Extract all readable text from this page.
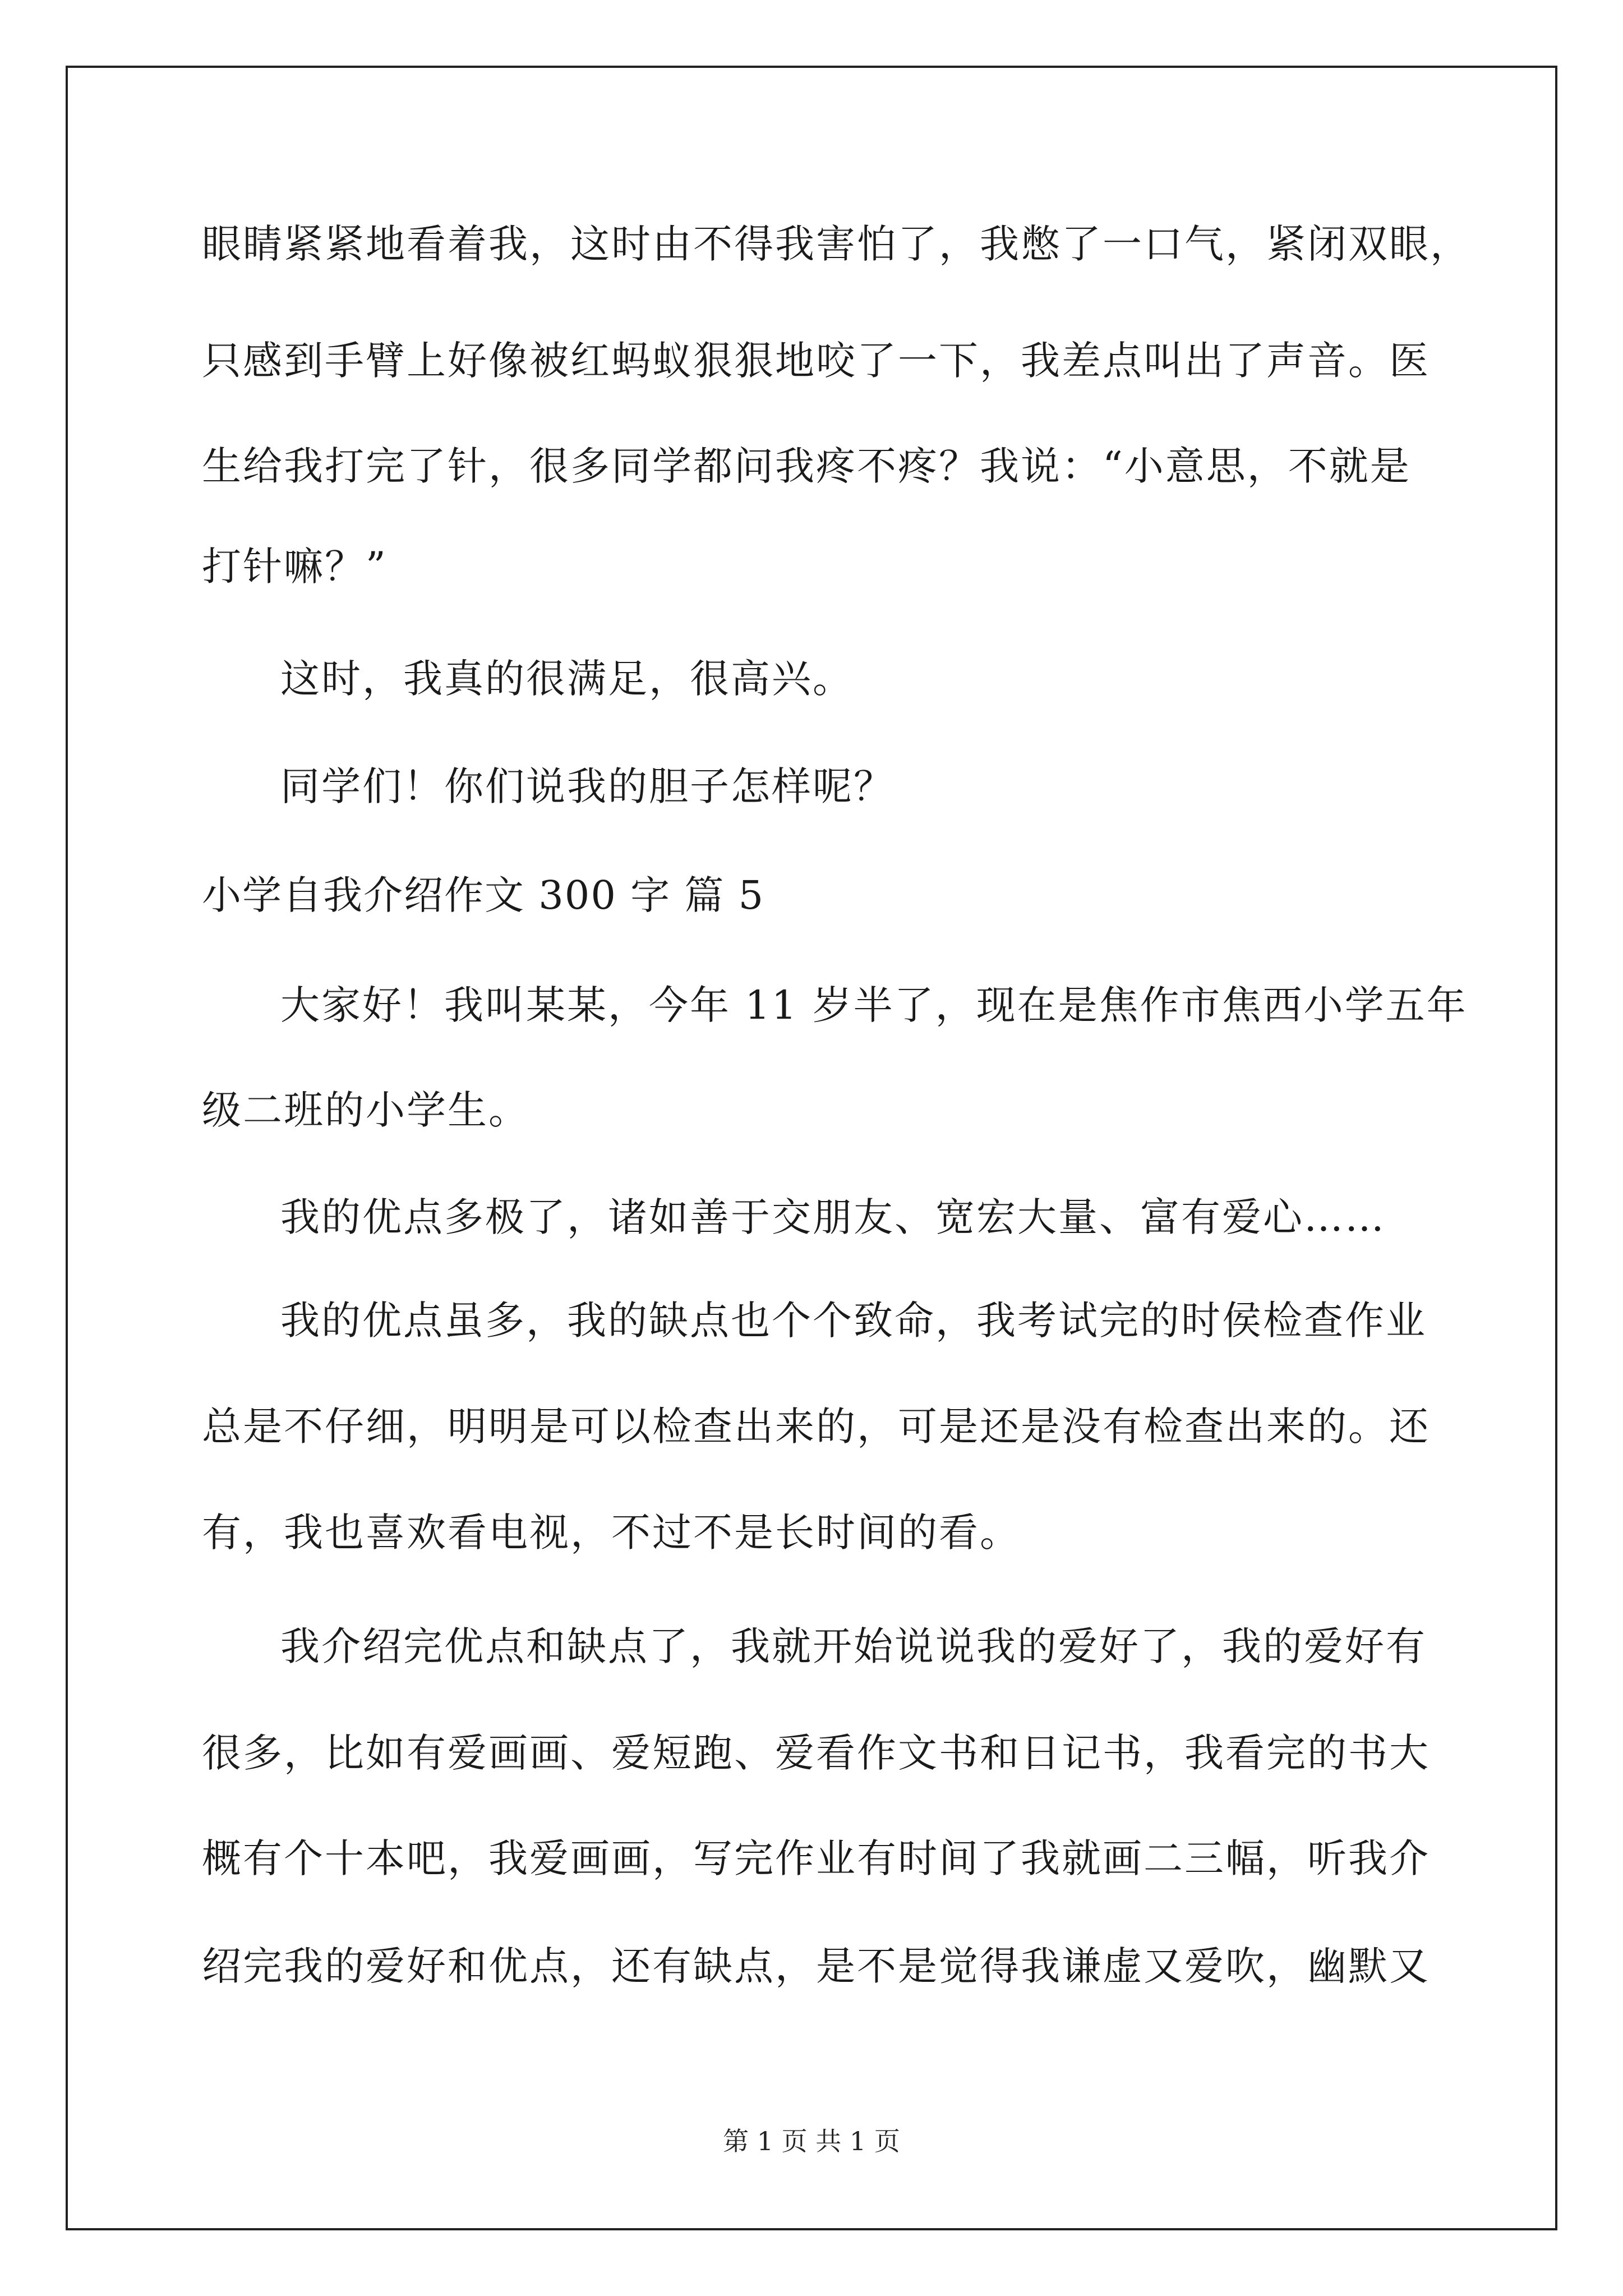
眼睛紧紧地看着我，这时由不得我害怕了，我憋了一口气，紧闭双眼，
只感到手臂上好像被红蚂蚁狠狠地咬了一下，我差点叫出了声音。医
生给我打完了针，很多同学都问我疼不疼？我说：“小意思，不就是
打针嘛？”
这时，我真的很满足，很高兴。
同学们！你们说我的胆子怎样呢？
小学自我介绍作文 300 字 篇 5
大家好！我叫某某，今年 11 岁半了，现在是焦作市焦西小学五年
级二班的小学生。
我的优点多极了，诸如善于交朋友、宽宏大量、富有爱心……
我的优点虽多，我的缺点也个个致命，我考试完的时侯检查作业
总是不仔细，明明是可以检查出来的，可是还是没有检查出来的。还
有，我也喜欢看电视，不过不是长时间的看。
我介绍完优点和缺点了，我就开始说说我的爱好了，我的爱好有
很多，比如有爱画画、爱短跑、爱看作文书和日记书，我看完的书大
概有个十本吧，我爱画画，写完作业有时间了我就画二三幅，听我介
绍完我的爱好和优点，还有缺点，是不是觉得我谦虚又爱吹，幽默又
第 1 页 共 1 页
